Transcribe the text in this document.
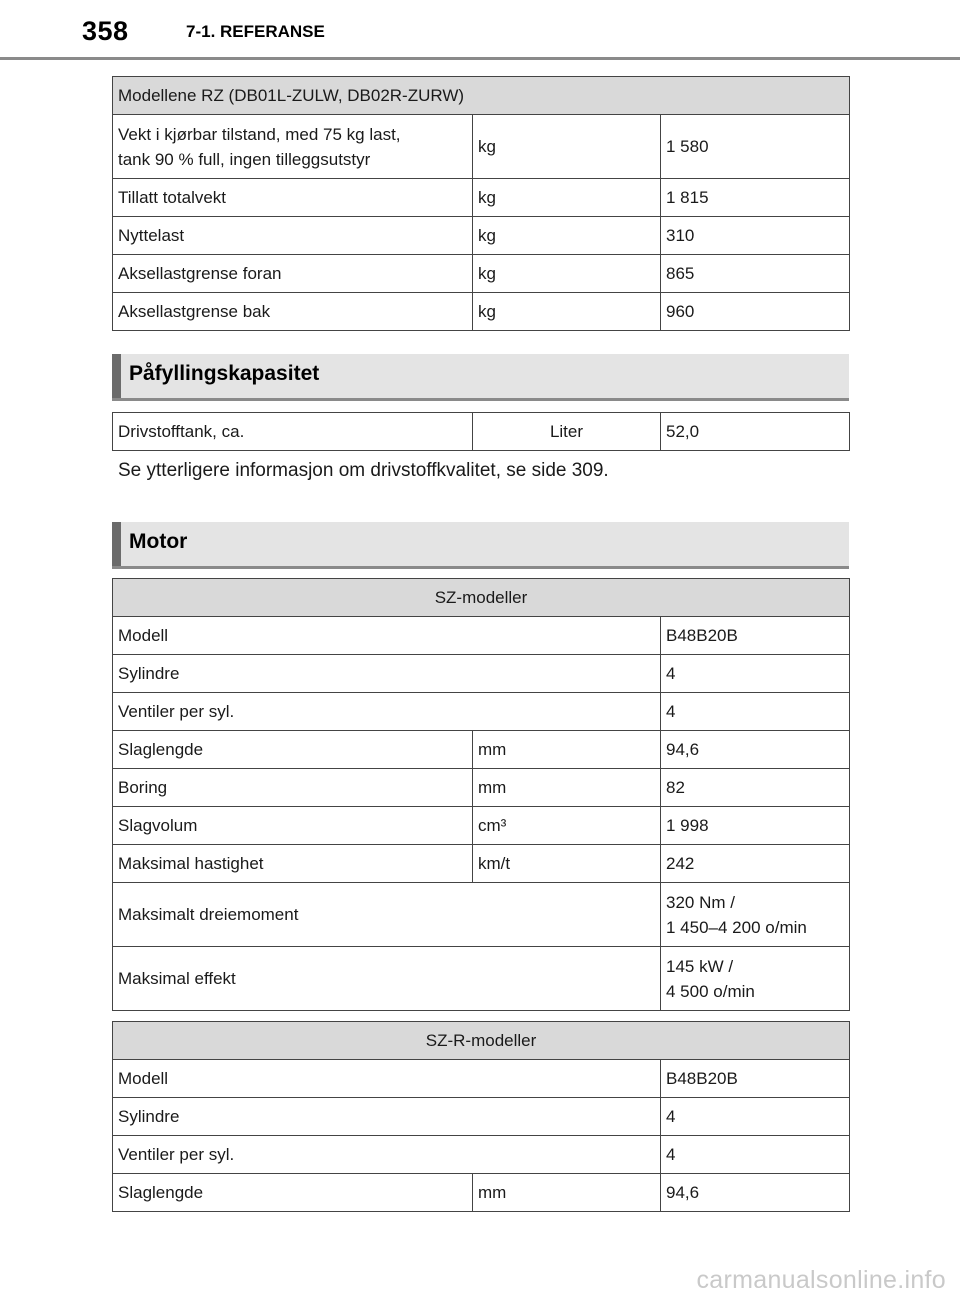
358	7-1. REFERANSE
Modellene RZ (DB01L-ZULW, DB02R-ZURW)		

Vekt i kjørbar tilstand, med 75 kg last,
tank 90 % full, ingen tilleggsutstyr	kg	1 580
Tillatt totalvekt	kg	1 815
Nyttelast	kg	310
Aksellastgrense foran	kg	865
Aksellastgrense bak	kg	960
Påfyllingskapasitet
Drivstofftank, ca.	Liter	52,0
Se ytterligere informasjon om drivstoffkvalitet, se side 309.
Motor
SZ-modeller		
Modell		B48B20B
Sylindre		4
Ventiler per syl.		4
Slaglengde	mm	94,6
Boring	mm	82
Slagvolum	cm³	1 998
Maksimal hastighet	km/t	242
Maksimalt dreiemoment		320 Nm /
1 450–4 200 o/min

Maksimal effekt		145 kW /
4 500 o/min
SZ-R-modeller		
Modell		B48B20B
Sylindre		4
Ventiler per syl.		4
Slaglengde	mm	94,6
carmanualsonline.info
